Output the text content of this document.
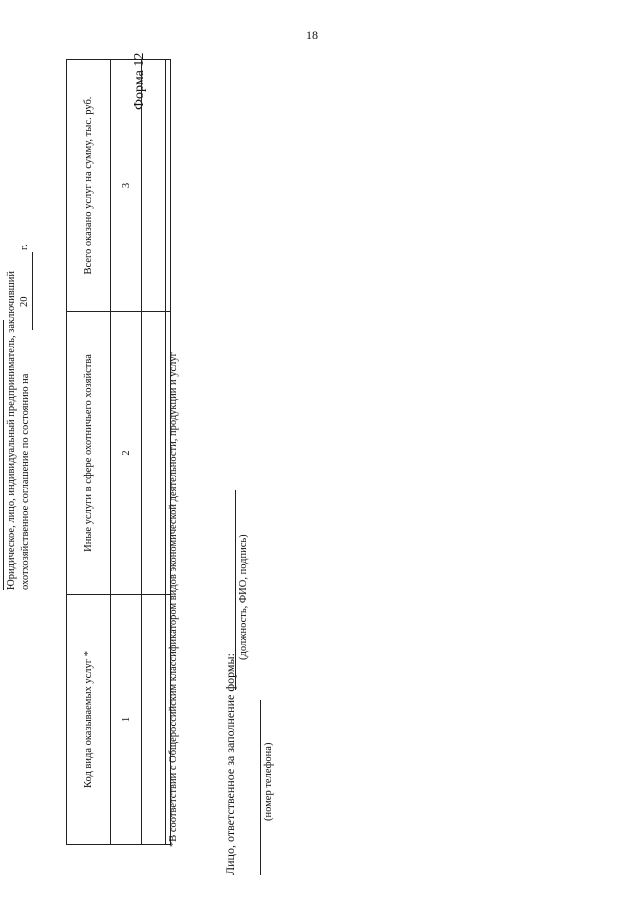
18
Форма 12
Юридическое, лицо, индивидуальный предприниматель, заключивший охотхозяйственное соглашение по состоянию на
20
г.
Код вида оказываемых услуг *	Иные услуги в сфере охотничьего хозяйства	Всего оказано услуг на сумму, тыс. руб.
1	2	3

*В соответствии с Общероссийским классификатором видов экономической деятельности, продукции и услуг	Лицо, ответственное за заполнение формы:
(должность, ФИО, подпись)
(номер телефона)
